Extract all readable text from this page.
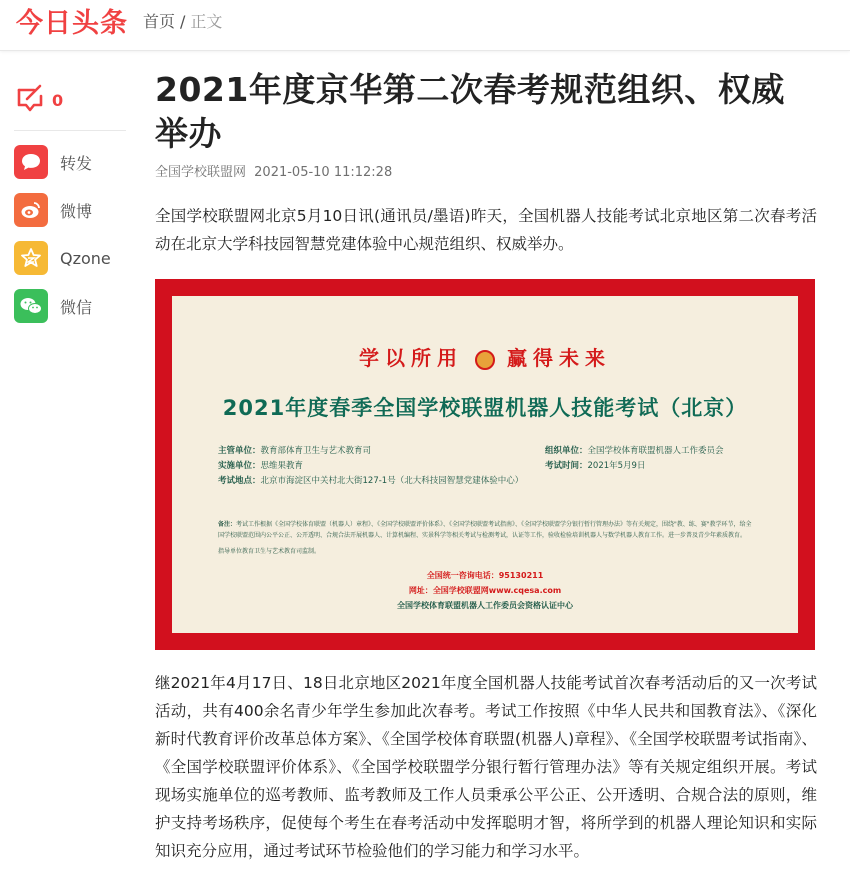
今日头条 首页 / 正文
0
转发
微博
Qzone
微信
2021年度京华第二次春考规范组织、权威举办
全国学校联盟网 2021-05-10 11:12:28

全国学校联盟网北京5月10日讯(通讯员/墨语)昨天，全国机器人技能考试北京地区第二次春考活动在北京大学科技园智慧党建体验中心规范组织、权威举办。

学以所用 赢得未来
2021年度春季全国学校联盟机器人技能考试（北京）
主管单位：教育部体育卫生与艺术教育司
实施单位：思维果教育
考试地点：北京市海淀区中关村北大街127-1号（北大科技园智慧党建体验中心）
组织单位：全国学校体育联盟机器人工作委员会
考试时间：2021年5月9日
备注：考试工作根据《全国学校体育联盟（机器人）章程》、《全国学校联盟评价体系》、《全国学校联盟考试指南》、《全国学校联盟学分银行暂行管理办法》等有关规定，围绕"教、练、赛"教学环节，给全国学校联盟范围内公平公正、公开透明、合规合法开展机器人、计算机编程、实景科学等相关考试与检测考试，认证等工作，验收检验培训机器人与数学机器人教育工作。进一步普及青少年素质教育。
指导单位教育卫生与艺术教育司监制。
全国统一咨询电话：95130211
网址：全国学校联盟网www.cqesa.com
全国学校体育联盟机器人工作委员会资格认证中心

继2021年4月17日、18日北京地区2021年度全国机器人技能考试首次春考活动后的又一次考试活动，共有400余名青少年学生参加此次春考。考试工作按照《中华人民共和国教育法》、《深化新时代教育评价改革总体方案》、《全国学校体育联盟(机器人)章程》、《全国学校联盟考试指南》、《全国学校联盟评价体系》、《全国学校联盟学分银行暂行管理办法》等有关规定组织开展。考试现场实施单位的巡考教师、监考教师及工作人员秉承公平公正、公开透明、合规合法的原则，维护支持考场秩序，促使每个考生在春考活动中发挥聪明才智，将所学到的机器人理论知识和实际知识充分应用，通过考试环节检验他们的学习能力和学习水平。
